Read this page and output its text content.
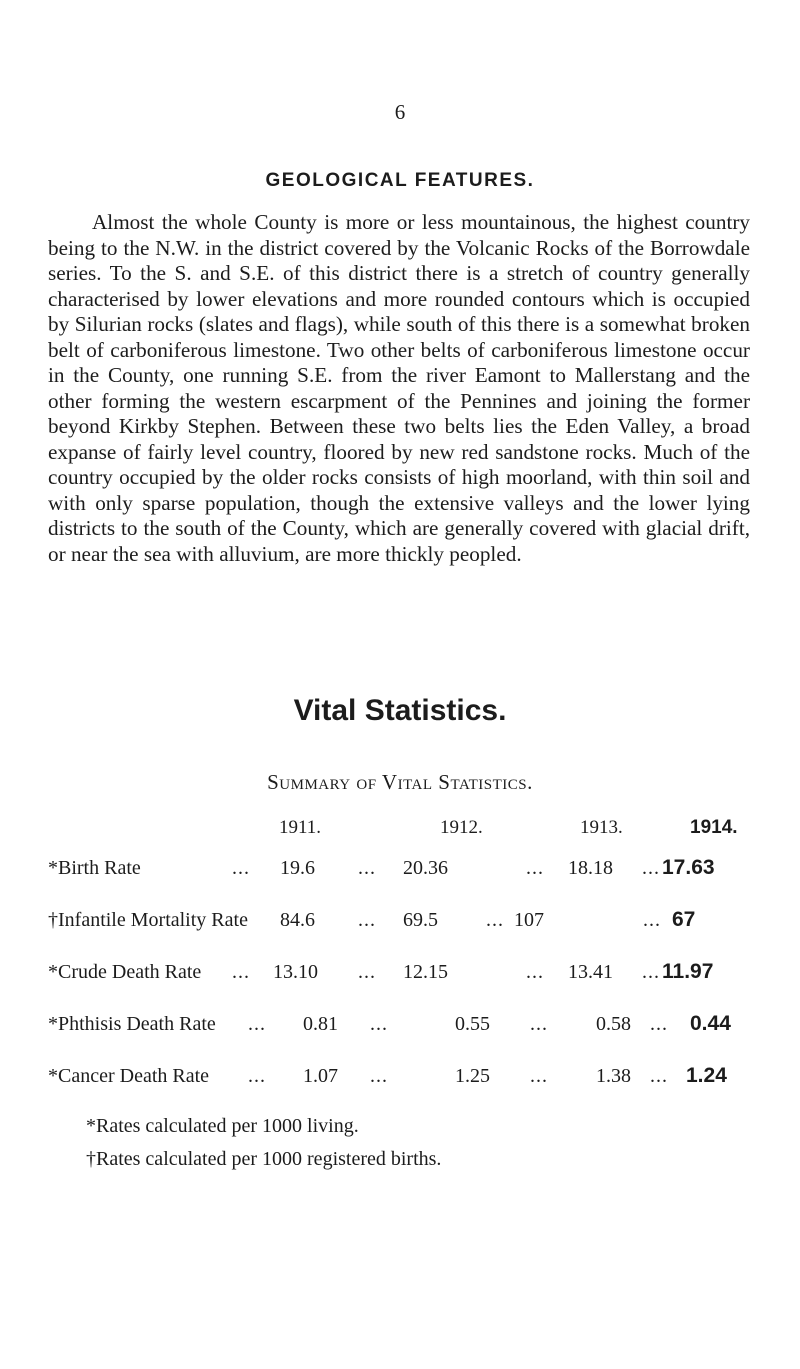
6
GEOLOGICAL FEATURES.

Almost the whole County is more or less mountainous, the highest country being to the N.W. in the district covered by the Volcanic Rocks of the Borrowdale series. To the S. and S.E. of this district there is a stretch of country generally characterised by lower elevations and more rounded contours which is occupied by Silurian rocks (slates and flags), while south of this there is a somewhat broken belt of carboniferous limestone. Two other belts of carboniferous limestone occur in the County, one running S.E. from the river Eamont to Mallerstang and the other forming the western escarpment of the Pennines and joining the former beyond Kirkby Stephen. Between these two belts lies the Eden Valley, a broad expanse of fairly level country, floored by new red sandstone rocks. Much of the country occupied by the older rocks consists of high moorland, with thin soil and with only sparse population, though the extensive valleys and the lower lying districts to the south of the County, which are generally covered with glacial drift, or near the sea with alluvium, are more thickly peopled.

Vital Statistics.
Summary of Vital Statistics.
1911.	1912.	1913.	1914.
*Birth Rate	... 19.6 ... 20.36	... 18.18 ... 17.63
†Infantile Mortality Rate 84.6 ... 69.5 ... 107	... 67
*Crude Death Rate ... 13.10 ... 12.15	... 13.41 ... 11.97
*Phthisis Death Rate ... 0.81 ...	0.55 ... 0.58 ... 0.44
*Cancer Death Rate ... 1.07 ...	1.25 ... 1.38 ... 1.24
*Rates calculated per 1000 living.
†Rates calculated per 1000 registered births.
